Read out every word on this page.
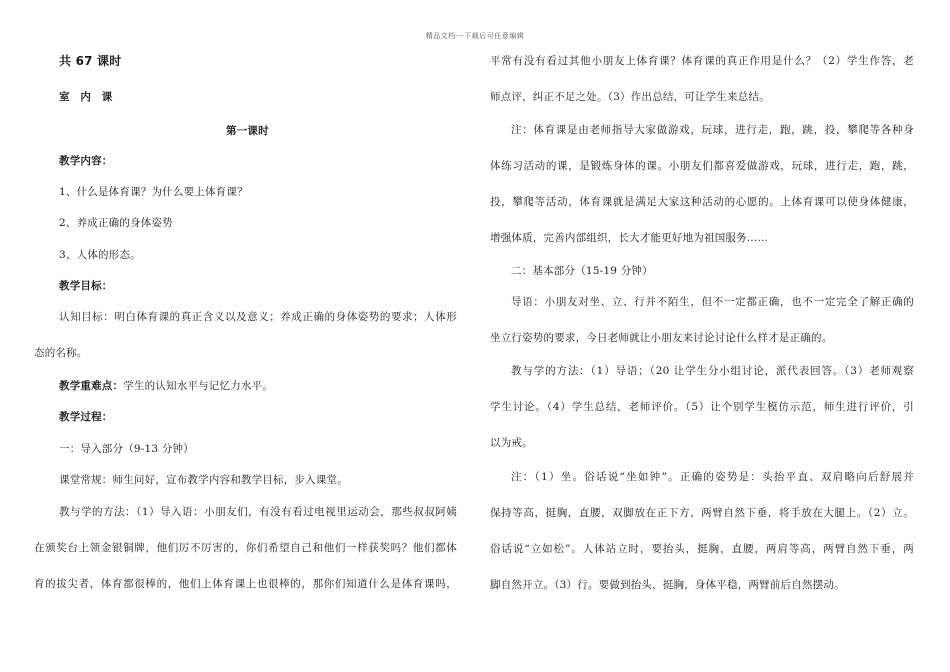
精品文档---下载后可任意编辑
共 67 课时
室　内　课
第一课时
教学内容：
1、什么是体育课？为什么要上体育课？
2、养成正确的身体姿势
3、人体的形态。
教学目标：
认知目标：明白体育课的真正含义以及意义；养成正确的身体姿势的要求；人体形
态的名称。
教学重难点：学生的认知水平与记忆力水平。
教学过程：
一：导入部分（9-13 分钟）
课堂常规：师生问好，宣布教学内容和教学目标，步入课堂。
教与学的方法：（1）导入语：小朋友们，有没有看过电视里运动会，那些叔叔阿姨
在颁奖台上领金银铜牌，他们厉不厉害的，你们希望自己和他们一样获奖吗？他们都体
育的拔尖者，体育都很棒的，他们上体育课上也很棒的，那你们知道什么是体育课吗，
平常有没有看过其他小朋友上体育课？体育课的真正作用是什么？（2）学生作答，老
师点评，纠正不足之处。（3）作出总结，可让学生来总结。
注：体育课是由老师指导大家做游戏，玩球，进行走，跑，跳，投，攀爬等各种身
体练习活动的课，是锻炼身体的课。小朋友们都喜爱做游戏，玩球，进行走，跑，跳，
投，攀爬等活动，体育课就是满足大家这种活动的心愿的。上体育课可以使身体健康，
增强体质，完善内部组织，长大才能更好地为祖国服务……
二：基本部分（15-19 分钟）
导语：小朋友对坐、立、行并不陌生，但不一定都正确，也不一定完全了解正确的
坐立行姿势的要求，今日老师就让小朋友来讨论讨论什么样才是正确的。
教与学的方法：（1）导语；（20 让学生分小组讨论，派代表回答。（3）老师观察
学生讨论。（4）学生总结，老师评价。（5）让个别学生模仿示范，师生进行评价，引
以为戒。
注：（1）坐。俗话说“坐如钟”。正确的姿势是：头抬平直、双肩略向后舒展并
保持等高，挺胸，直腰，双脚放在正下方，两臂自然下垂，将手放在大腿上。（2）立。
俗话说“立如松”。人体站立时，要抬头，挺胸，直腰，两肩等高，两臂自然下垂，两
脚自然开立。（3）行。要做到抬头，挺胸，身体平稳，两臂前后自然摆动。
